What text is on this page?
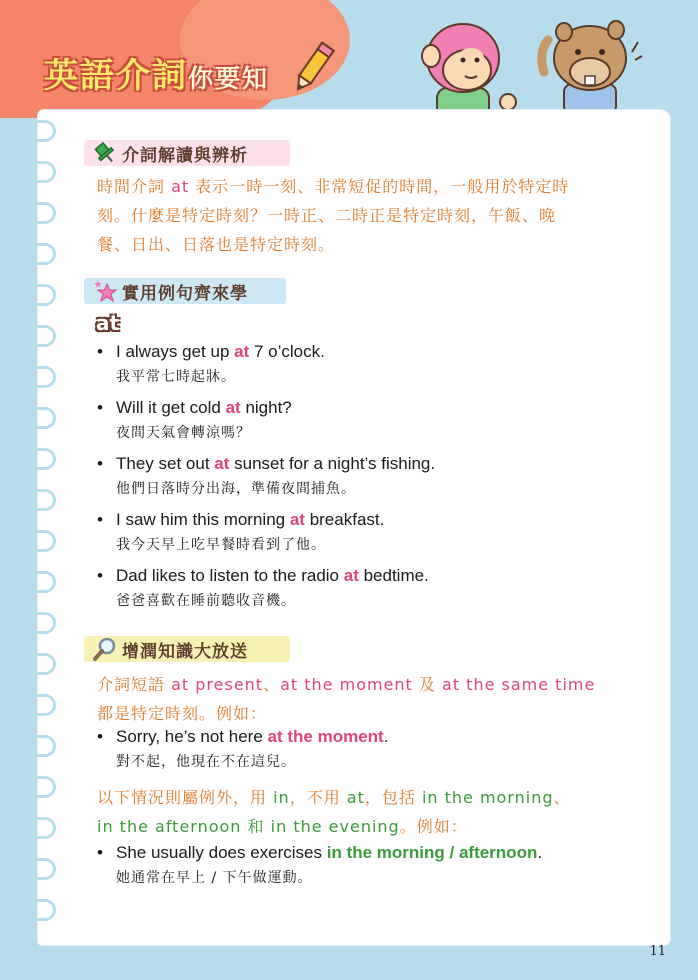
英語介詞你要知
介詞解讀與辨析
時間介詞 at 表示一時一刻、非常短促的時間，一般用於特定時
刻。什麼是特定時刻？一時正、二時正是特定時刻，午飯、晚
餐、日出、日落也是特定時刻。
實用例句齊來學
at
• I always get up at 7 o’clock.
我平常七時起牀。
• Will it get cold at night?
夜間天氣會轉涼嗎？
• They set out at sunset for a night’s fishing.
他們日落時分出海，準備夜間捕魚。
• I saw him this morning at breakfast.
我今天早上吃早餐時看到了他。
• Dad likes to listen to the radio at bedtime.
爸爸喜歡在睡前聽收音機。
增潤知識大放送
介詞短語 at present、at the moment 及 at the same time
都是特定時刻。例如：
• Sorry, he’s not here at the moment.
對不起，他現在不在這兒。
以下情況則屬例外，用 in，不用 at，包括 in the morning、
in the afternoon 和 in the evening。例如：
• She usually does exercises in the morning / afternoon.
她通常在早上 / 下午做運動。
11
